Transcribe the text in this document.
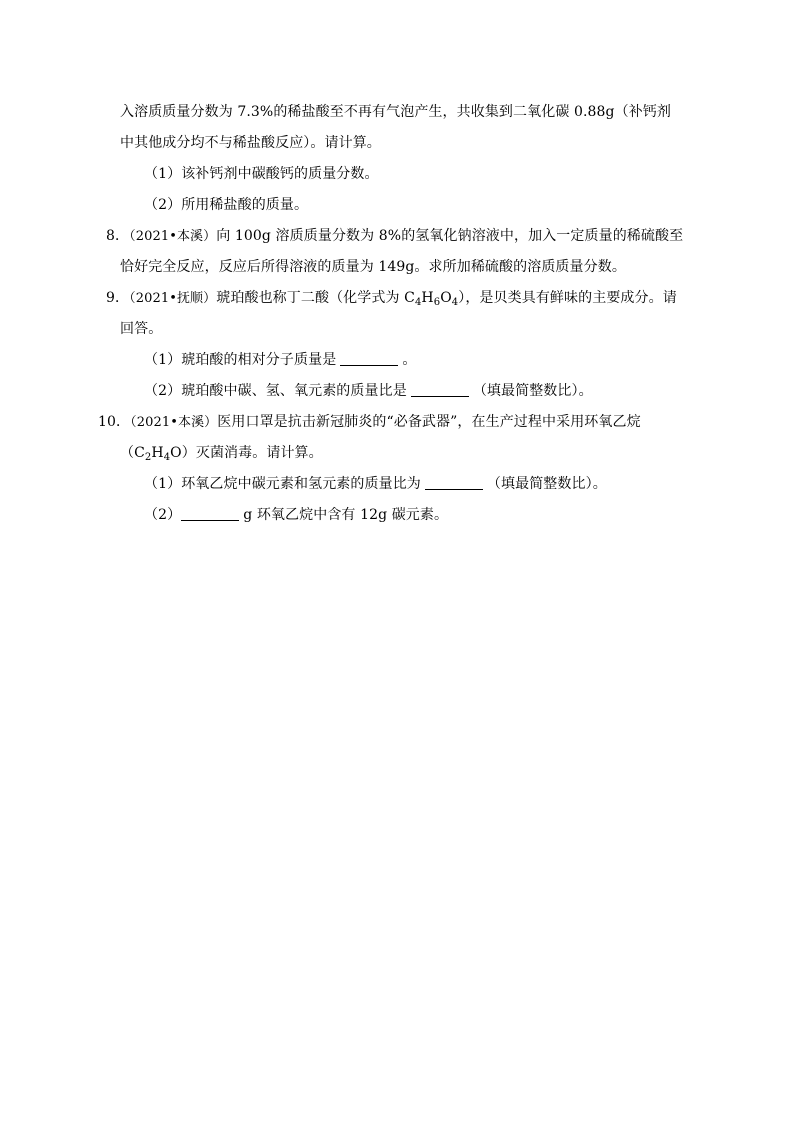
入溶质质量分数为 7.3%的稀盐酸至不再有气泡产生，共收集到二氧化碳 0.88g（补钙剂
中其他成分均不与稀盐酸反应）。请计算。
（1）该补钙剂中碳酸钙的质量分数。
（2）所用稀盐酸的质量。
8．（2021•本溪）向 100g 溶质质量分数为 8%的氢氧化钠溶液中，加入一定质量的稀硫酸至
恰好完全反应，反应后所得溶液的质量为 149g。求所加稀硫酸的溶质质量分数。
9．（2021•抚顺）琥珀酸也称丁二酸（化学式为 $C_4H_6O_4$），是贝类具有鲜味的主要成分。请
回答。
（1）琥珀酸的相对分子质量是	。
（2）琥珀酸中碳、氢、氧元素的质量比是	（填最简整数比）。
10．（2021•本溪）医用口罩是抗击新冠肺炎的“必备武器”，在生产过程中采用环氧乙烷
$(C_2H_4O)$灭菌消毒。请计算。
（1）环氧乙烷中碳元素和氢元素的质量比为	（填最简整数比）。
（2）	g 环氧乙烷中含有 12g 碳元素。
